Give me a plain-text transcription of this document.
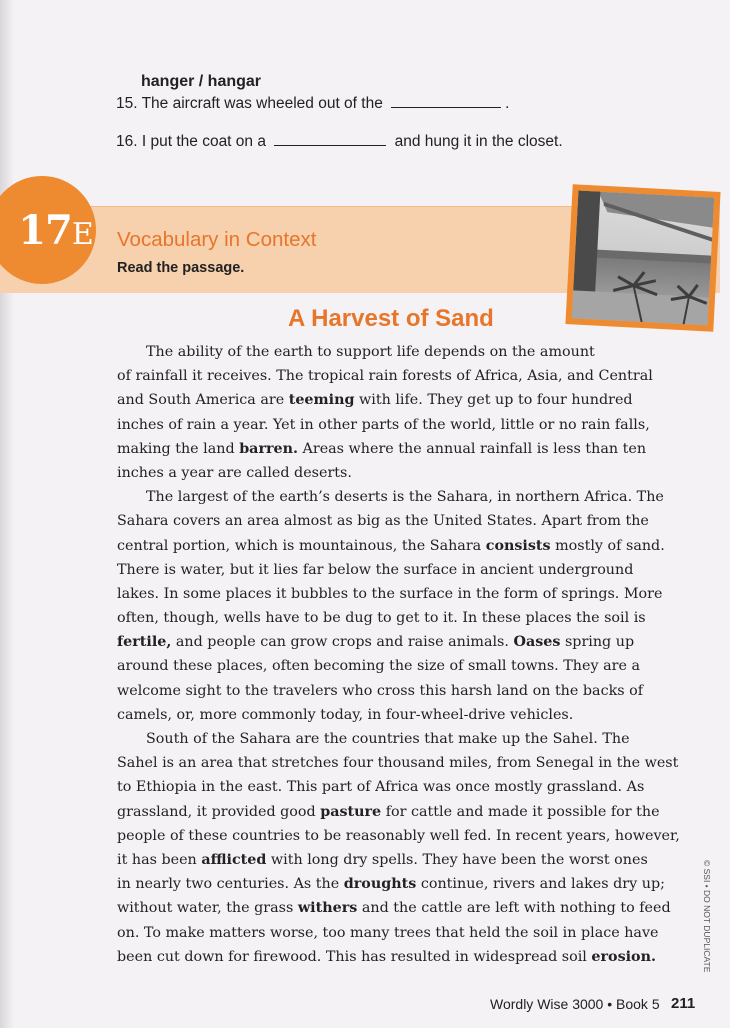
hanger / hangar
15. The aircraft was wheeled out of the	.
16. I put the coat on a	and hung it in the closet.
17E Vocabulary in Context
Read the passage.
A Harvest of Sand
The ability of the earth to support life depends on the amount
of rainfall it receives. The tropical rain forests of Africa, Asia, and Central
and South America are teeming with life. They get up to four hundred
inches of rain a year. Yet in other parts of the world, little or no rain falls,
making the land barren. Areas where the annual rainfall is less than ten
inches a year are called deserts.
The largest of the earth’s deserts is the Sahara, in northern Africa. The
Sahara covers an area almost as big as the United States. Apart from the
central portion, which is mountainous, the Sahara consists mostly of sand.
There is water, but it lies far below the surface in ancient underground
lakes. In some places it bubbles to the surface in the form of springs. More
often, though, wells have to be dug to get to it. In these places the soil is
fertile, and people can grow crops and raise animals. Oases spring up
around these places, often becoming the size of small towns. They are a
welcome sight to the travelers who cross this harsh land on the backs of
camels, or, more commonly today, in four-wheel-drive vehicles.
South of the Sahara are the countries that make up the Sahel. The
Sahel is an area that stretches four thousand miles, from Senegal in the west
to Ethiopia in the east. This part of Africa was once mostly grassland. As
grassland, it provided good pasture for cattle and made it possible for the
people of these countries to be reasonably well fed. In recent years, however,
it has been afflicted with long dry spells. They have been the worst ones
in nearly two centuries. As the droughts continue, rivers and lakes dry up;
without water, the grass withers and the cattle are left with nothing to feed
on. To make matters worse, too many trees that held the soil in place have
been cut down for firewood. This has resulted in widespread soil erosion.	© SSI • DO NOT DUPLICATE
Wordly Wise 3000 • Book 5 211
